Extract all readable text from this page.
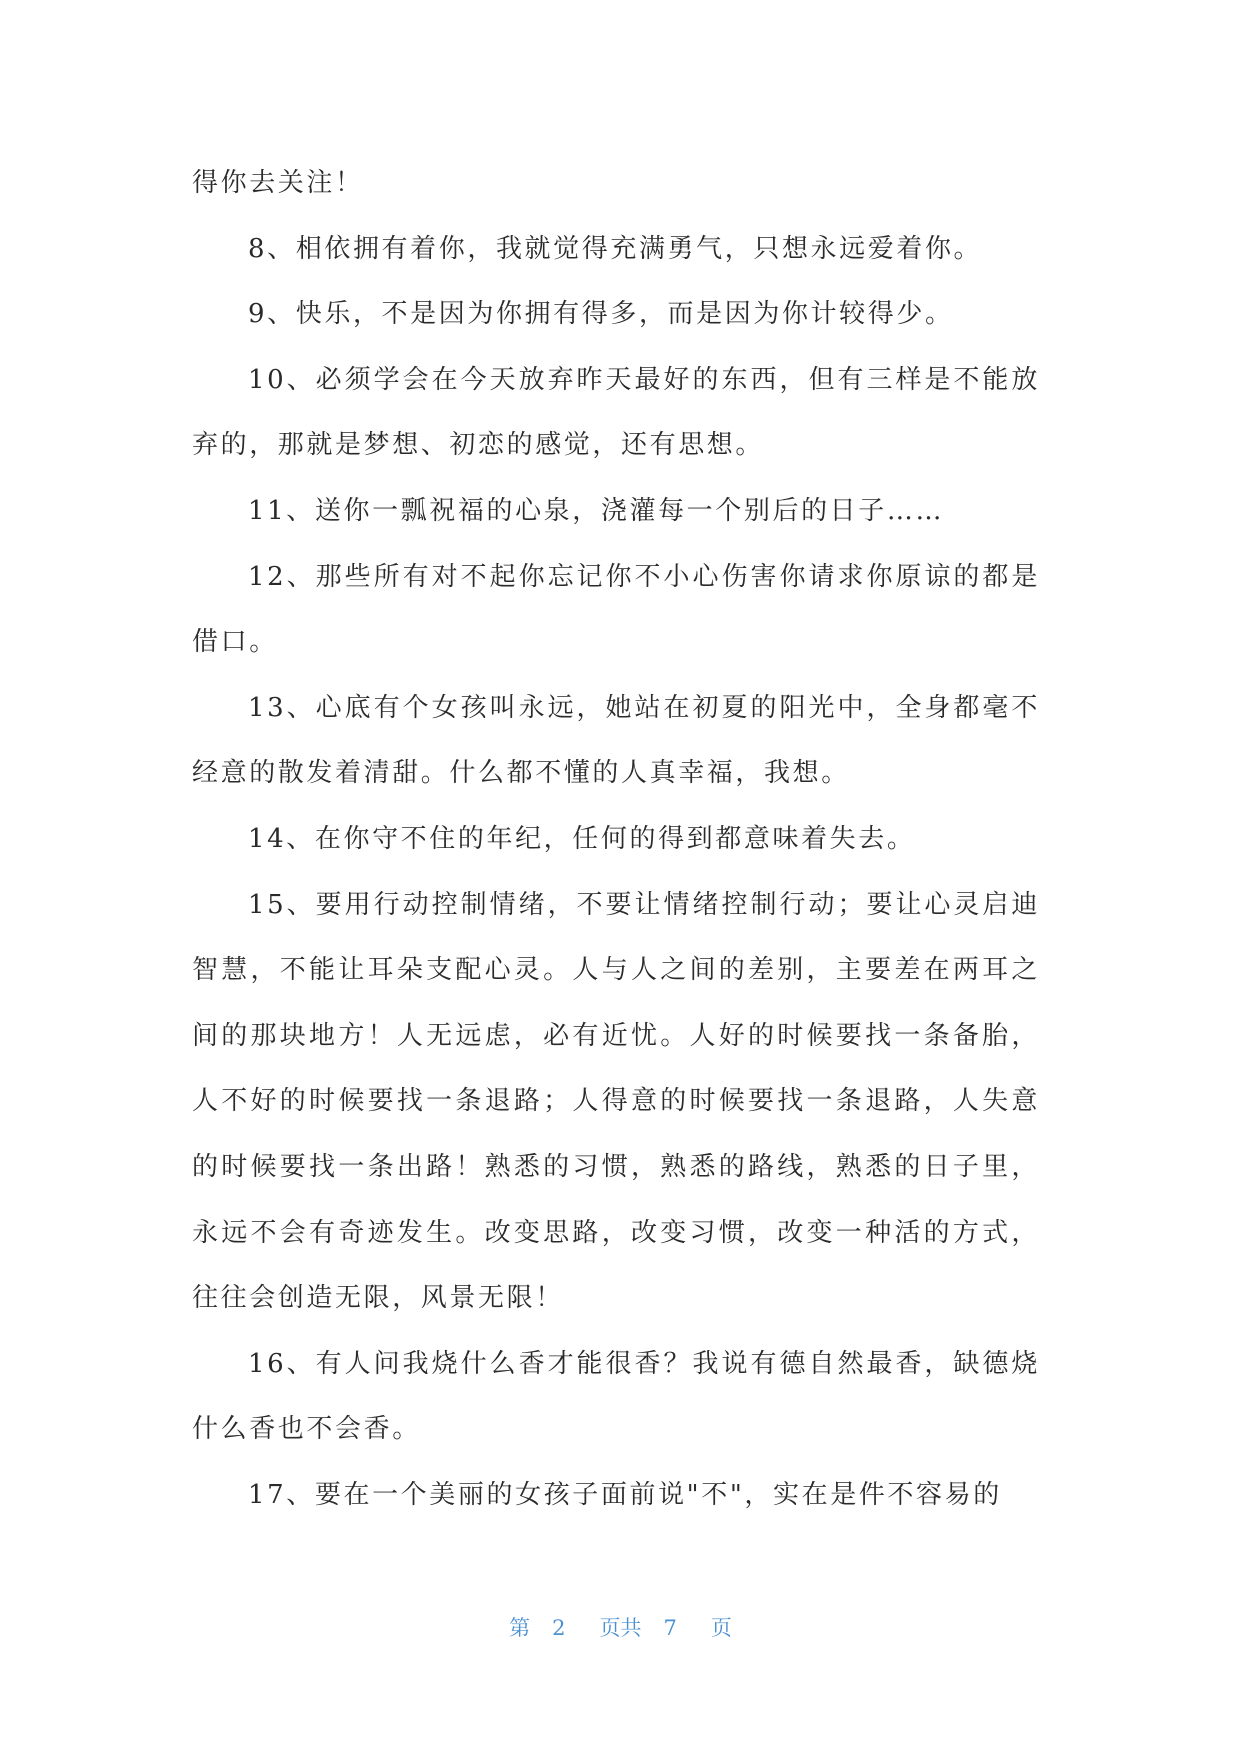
得你去关注！
8、相依拥有着你，我就觉得充满勇气，只想永远爱着你。
9、快乐，不是因为你拥有得多，而是因为你计较得少。
10、必须学会在今天放弃昨天最好的东西，但有三样是不能放
弃的，那就是梦想、初恋的感觉，还有思想。
11、送你一瓢祝福的心泉，浇灌每一个别后的日子……
12、那些所有对不起你忘记你不小心伤害你请求你原谅的都是
借口。
13、心底有个女孩叫永远，她站在初夏的阳光中，全身都毫不
经意的散发着清甜。什么都不懂的人真幸福，我想。
14、在你守不住的年纪，任何的得到都意味着失去。
15、要用行动控制情绪，不要让情绪控制行动；要让心灵启迪
智慧，不能让耳朵支配心灵。人与人之间的差别，主要差在两耳之
间的那块地方！人无远虑，必有近忧。人好的时候要找一条备胎，
人不好的时候要找一条退路；人得意的时候要找一条退路，人失意
的时候要找一条出路！熟悉的习惯，熟悉的路线，熟悉的日子里，
永远不会有奇迹发生。改变思路，改变习惯，改变一种活的方式，
往往会创造无限，风景无限！
16、有人问我烧什么香才能很香？我说有德自然最香，缺德烧
什么香也不会香。
17、要在一个美丽的女孩子面前说"不"，实在是件不容易的
第 2 页共 7 页
